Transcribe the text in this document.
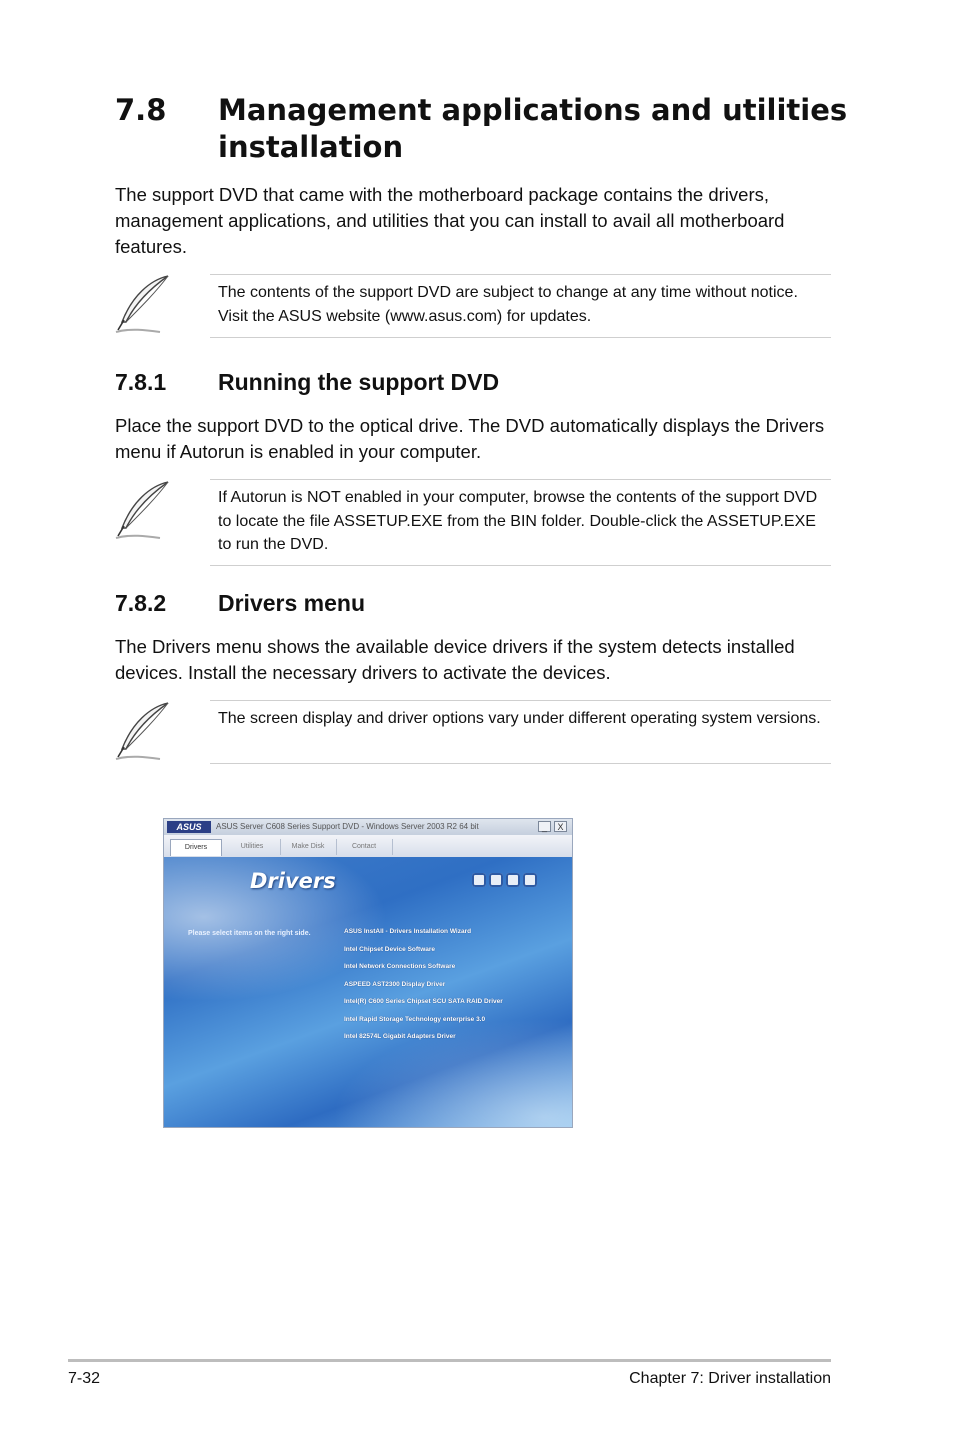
7.8 Management applications and utilities installation
The support DVD that came with the motherboard package contains the drivers, management applications, and utilities that you can install to avail all motherboard features.
The contents of the support DVD are subject to change at any time without notice. Visit the ASUS website (www.asus.com) for updates.
7.8.1 Running the support DVD
Place the support DVD to the optical drive. The DVD automatically displays the Drivers menu if Autorun is enabled in your computer.
If Autorun is NOT enabled in your computer, browse the contents of the support DVD to locate the file ASSETUP.EXE from the BIN folder. Double-click the ASSETUP.EXE to run the DVD.
7.8.2 Drivers menu
The Drivers menu shows the available device drivers if the system detects installed devices. Install the necessary drivers to activate the devices.
The screen display and driver options vary under different operating system versions.
ASUS	ASUS Server C608 Series Support DVD - Windows Server 2003 R2 64 bit	_	X
Drivers	Utilities	Make Disk	Contact
Drivers
Please select items on the right side.	ASUS InstAll - Drivers Installation Wizard
Intel Chipset Device Software
Intel Network Connections Software
ASPEED AST2300 Display Driver
Intel(R) C600 Series Chipset SCU SATA RAID Driver
Intel Rapid Storage Technology enterprise 3.0
Intel 82574L Gigabit Adapters Driver
7-32	Chapter 7: Driver installation
